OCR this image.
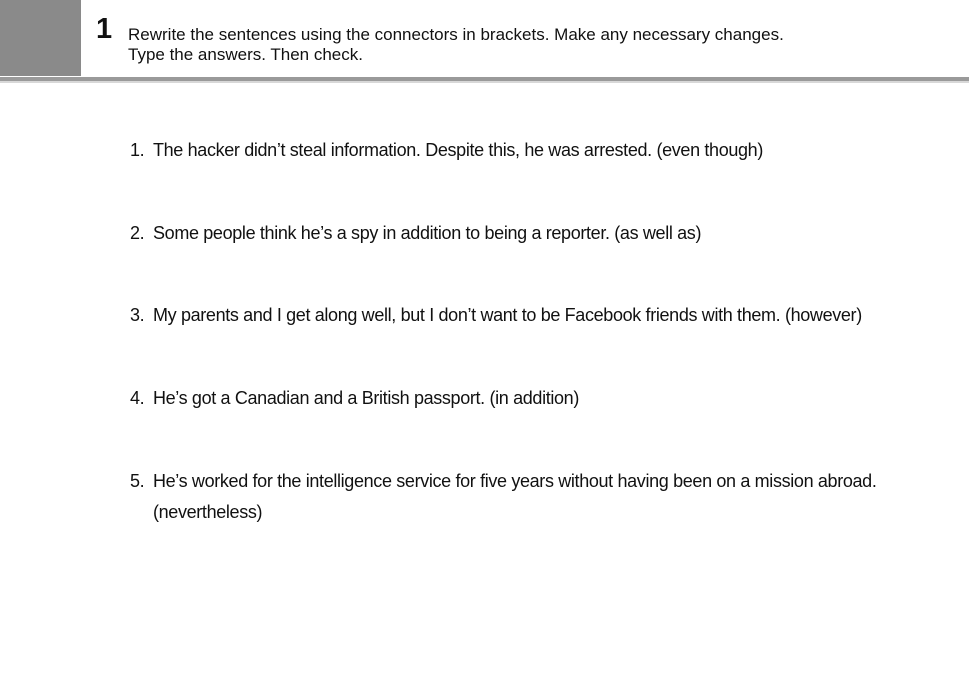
1 Rewrite the sentences using the connectors in brackets. Make any necessary changes.
Type the answers. Then check.
1. The hacker didn’t steal information. Despite this, he was arrested. (even though)
2. Some people think he’s a spy in addition to being a reporter. (as well as)
3. My parents and I get along well, but I don’t want to be Facebook friends with them. (however)
4. He’s got a Canadian and a British passport. (in addition)
5. He’s worked for the intelligence service for five years without having been on a mission abroad. (nevertheless)
